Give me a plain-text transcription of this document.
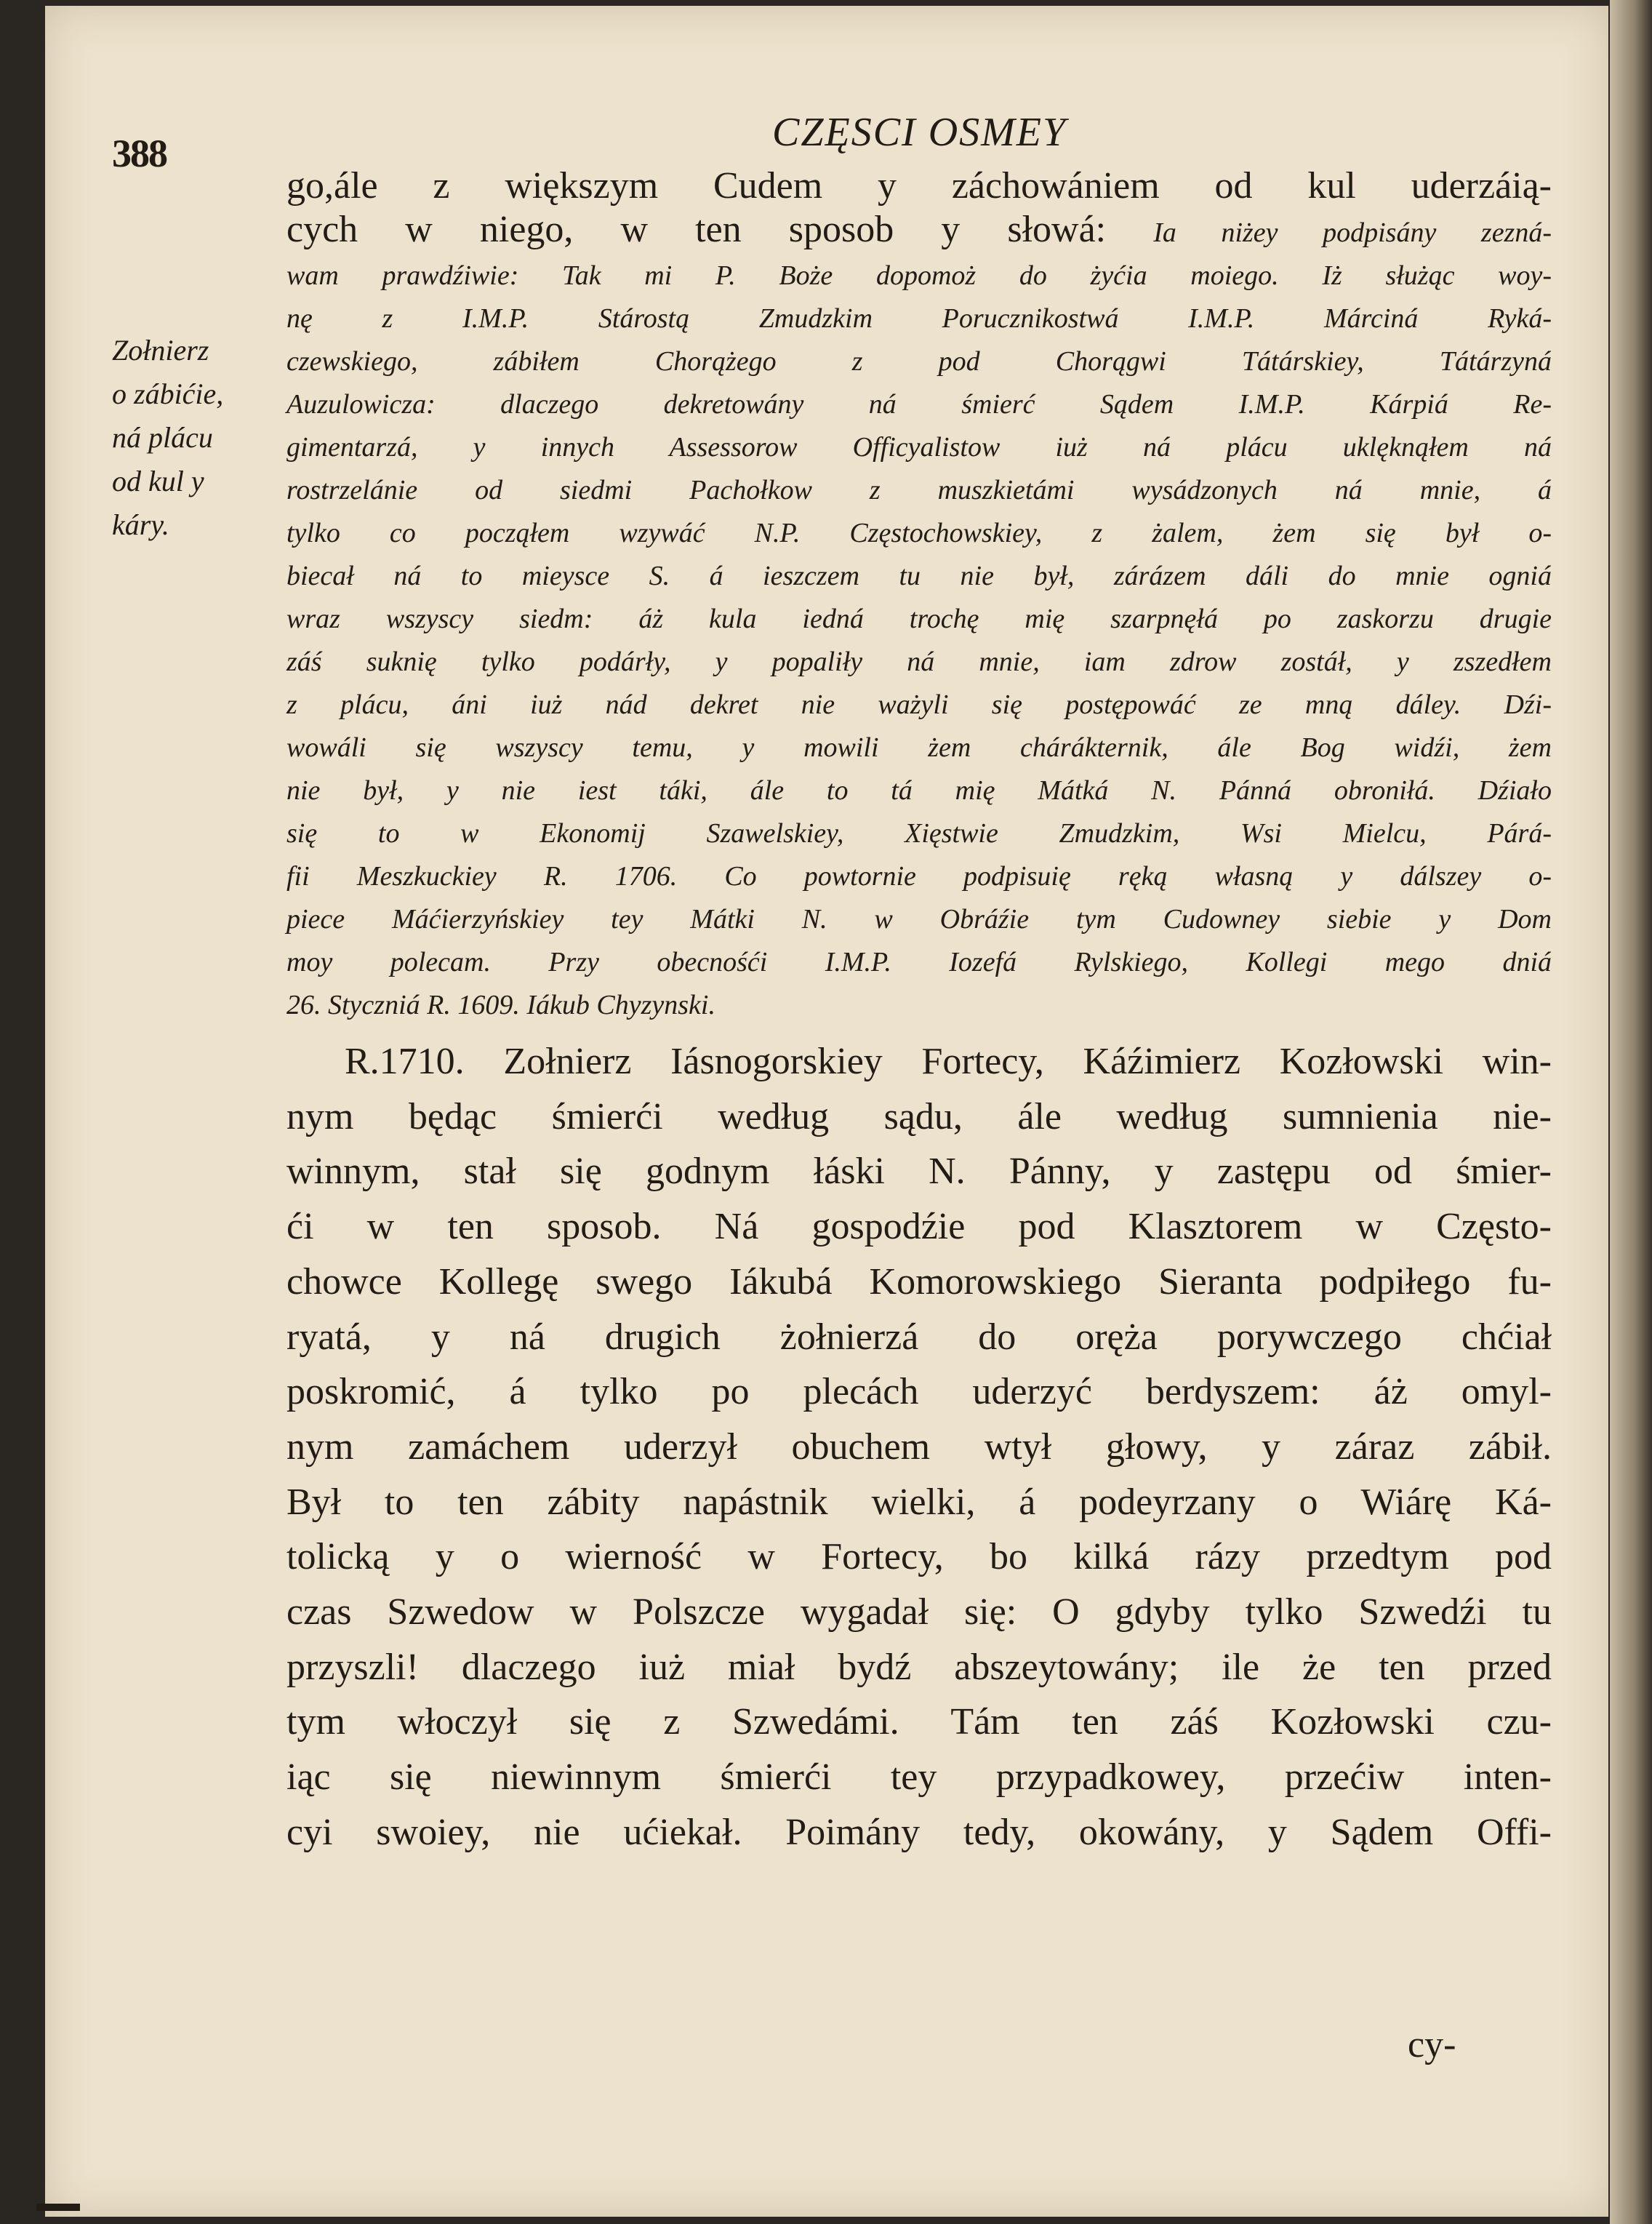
388	CZĘSCI OSMEY
Zołnierz
o zábićie,
ná plácu
od kul y
káry.
go,ále z większym Cudem y záchowániem od kul uderzáią-
cych w niego, w ten sposob y słowá: Ia niżey podpisány zezná-
wam prawdźiwie: Tak mi P. Boże dopomoż do żyćia moiego. Iż służąc woy-
nę z I.M.P. Stárostą Zmudzkim Porucznikostwá I.M.P. Márciná Ryká-
czewskiego, zábiłem Chorążego z pod Chorągwi Tátárskiey, Tátárzyná
Auzulowicza: dlaczego dekretowány ná śmierć Sądem I.M.P. Kárpiá Re-
gimentarzá, y innych Assessorow Officyalistow iuż ná plácu uklęknąłem ná
rostrzelánie od siedmi Pachołkow z muszkietámi wysádzonych ná mnie, á
tylko co począłem wzywáć N.P. Częstochowskiey, z żalem, żem się był o-
biecał ná to mieysce S. á ieszczem tu nie był, zárázem dáli do mnie ogniá
wraz wszyscy siedm: áż kula iedná trochę mię szarpnęłá po zaskorzu drugie
záś suknię tylko podárły, y popaliły ná mnie, iam zdrow zostáł, y zszedłem
z plácu, áni iuż nád dekret nie ważyli się postępowáć ze mną dáley. Dźi-
wowáli się wszyscy temu, y mowili żem chárákternik, ále Bog widźi, żem
nie był, y nie iest táki, ále to tá mię Mátká N. Pánná obroniłá. Dźiało
się to w Ekonomij Szawelskiey, Xięstwie Zmudzkim, Wsi Mielcu, Párá-
fii Meszkuckiey R. 1706. Co powtornie podpisuię ręką własną y dálszey o-
piece Máćierzyńskiey tey Mátki N. w Obráźie tym Cudowney siebie y Dom
moy polecam. Przy obecnośći I.M.P. Iozefá Rylskiego, Kollegi mego dniá
26. Styczniá R. 1609. Iákub Chyzynski.
R.1710. Zołnierz Iásnogorskiey Fortecy, Káźimierz Kozłowski win-
nym będąc śmierći według sądu, ále według sumnienia nie-
winnym, stał się godnym łáski N. Pánny, y zastępu od śmier-
ći w ten sposob. Ná gospodźie pod Klasztorem w Często-
chowce Kollegę swego Iákubá Komorowskiego Sieranta podpiłego fu-
ryatá, y ná drugich żołnierzá do oręża porywczego chćiał
poskromić, á tylko po plecách uderzyć berdyszem: áż omyl-
nym zamáchem uderzył obuchem wtył głowy, y záraz zábił.
Był to ten zábity napástnik wielki, á podeyrzany o Wiárę Ká-
tolicką y o wierność w Fortecy, bo kilká rázy przedtym pod
czas Szwedow w Polszcze wygadał się: O gdyby tylko Szwedźi tu
przyszli! dlaczego iuż miał bydź abszeytowány; ile że ten przed
tym włoczył się z Szwedámi. Tám ten záś Kozłowski czu-
iąc się niewinnym śmierći tey przypadkowey, przećiw inten-
cyi swoiey, nie ućiekał. Poimány tedy, okowány, y Sądem Offi-
cy-
